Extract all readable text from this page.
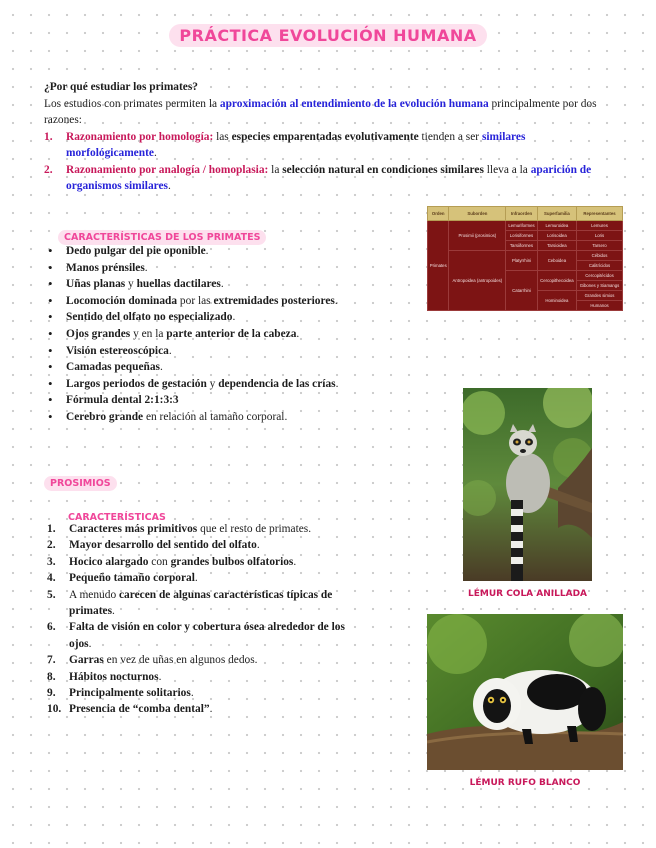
PRÁCTICA EVOLUCIÓN HUMANA
¿Por qué estudiar los primates?
Los estudios con primates permiten la aproximación al entendimiento de la evolución humana principalmente por dos razones:
1. Razonamiento por homología: las especies emparentadas evolutivamente tienden a ser similares morfológicamente.
2. Razonamiento por analogía / homoplasia: la selección natural en condiciones similares lleva a la aparición de organismos similares.
CARACTERÍSTICAS DE LOS PRIMATES
• Dedo pulgar del pie oponible.
• Manos prénsiles.
• Uñas planas y huellas dactilares.
• Locomoción dominada por las extremidades posteriores.
• Sentido del olfato no especializado.
• Ojos grandes y en la parte anterior de la cabeza.
• Visión estereoscópica.
• Camadas pequeñas.
• Largos periodos de gestación y dependencia de las crías.
• Fórmula dental 2:1:3:3
• Cerebro grande en relación al tamaño corporal.
Orden	Suborden	Infraorden	Superfamilia	Representantes
Primates	Prosimii (prosimios)	Lemuriformes	Lemuroidea	Lemures
		Lorisiformes	Lorisoidea	Loris
		Tarsiiformes	Tarsioidea	Tarsero
	Antropoidea (antropoides)	Platyrrhini	Ceboidea	Cébidos
				Calitrícidos
		Catarrhini	Cercopithecoidea	Cercopitécidos
				Gibones y Siamangs
			Hominoidea	Grandes simios
				Humanos
LÉMUR COLA ANILLADA
LÉMUR RUFO BLANCO
PROSIMIOS
CARACTERÍSTICAS
1. Caracteres más primitivos que el resto de primates.
2. Mayor desarrollo del sentido del olfato.
3. Hocico alargado con grandes bulbos olfatorios.
4. Pequeño tamaño corporal.
5. A menudo carecen de algunas características típicas de primates.
6. Falta de visión en color y cobertura ósea alrededor de los ojos.
7. Garras en vez de uñas en algunos dedos.
8. Hábitos nocturnos.
9. Principalmente solitarios.
10. Presencia de “comba dental”.
